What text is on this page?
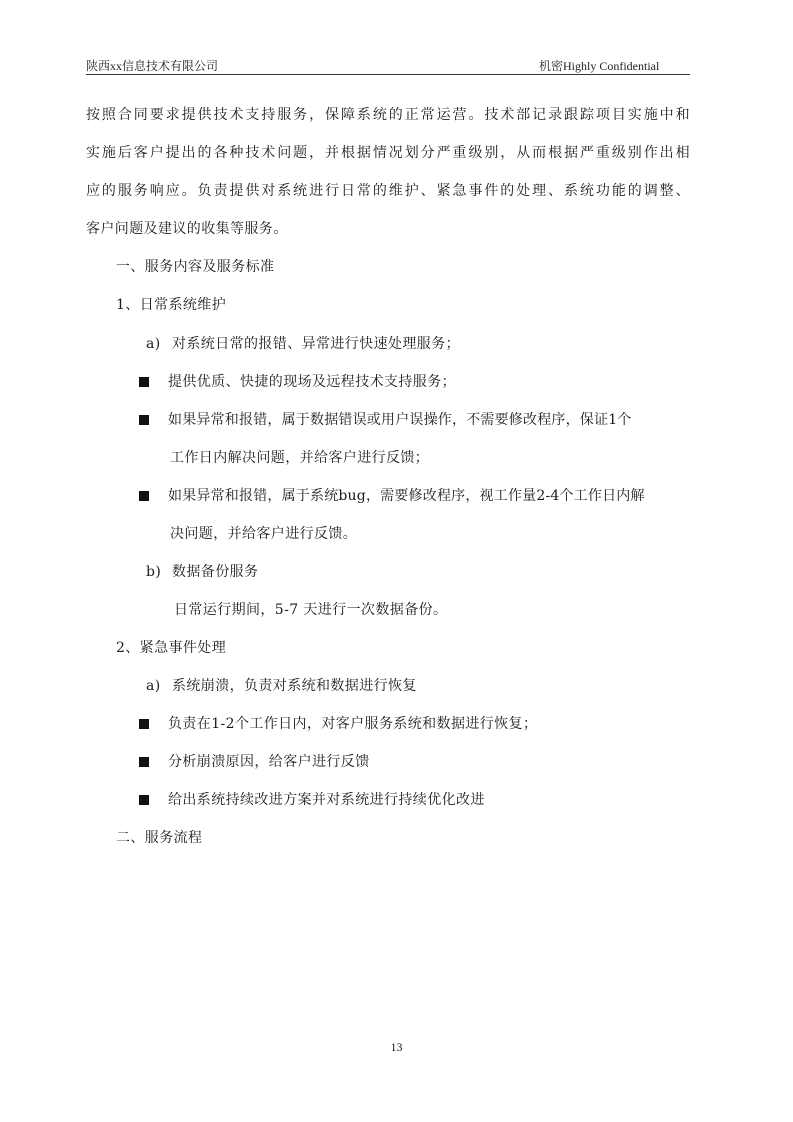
陕西xx信息技术有限公司	机密Highly Confidential
按照合同要求提供技术支持服务，保障系统的正常运营。技术部记录跟踪项目实施中和
实施后客户提出的各种技术问题，并根据情况划分严重级别，从而根据严重级别作出相
应的服务响应。负责提供对系统进行日常的维护、紧急事件的处理、系统功能的调整、
客户问题及建议的收集等服务。
一、服务内容及服务标准
1、日常系统维护
a) 对系统日常的报错、异常进行快速处理服务；
提供优质、快捷的现场及远程技术支持服务；
如果异常和报错，属于数据错误或用户误操作，不需要修改程序，保证1个
工作日内解决问题，并给客户进行反馈；
如果异常和报错，属于系统bug，需要修改程序，视工作量2-4个工作日内解
决问题，并给客户进行反馈。
b) 数据备份服务
日常运行期间，5-7 天进行一次数据备份。
2、紧急事件处理
a) 系统崩溃，负责对系统和数据进行恢复
负责在1-2个工作日内，对客户服务系统和数据进行恢复；
分析崩溃原因，给客户进行反馈
给出系统持续改进方案并对系统进行持续优化改进
二、服务流程
13
